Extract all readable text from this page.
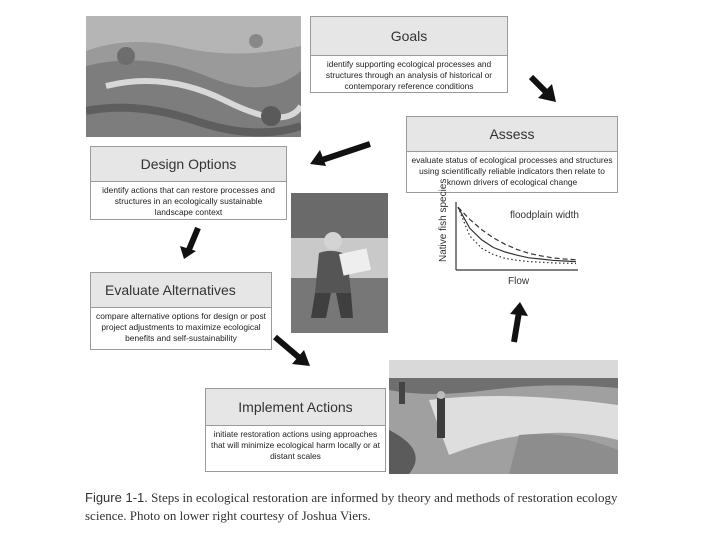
Goals
identify supporting ecological processes and structures through an analysis of historical or contemporary reference conditions
Assess
evaluate status of ecological processes and structures using scientifically reliable indicators then relate to known drivers of ecological change
Design Options
identify actions that can restore processes and structures in an ecologically sustainable landscape context
Evaluate Alternatives
compare alternative options for design or post project adjustments to maximize ecological benefits and self-sustainability
Implement Actions
initiate restoration actions using approaches that will minimize ecological harm locally or at distant scales
Native fish species
Flow
floodplain width
Figure 1-1. Steps in ecological restoration are informed by theory and methods of restoration ecology science. Photo on lower right courtesy of Joshua Viers.
